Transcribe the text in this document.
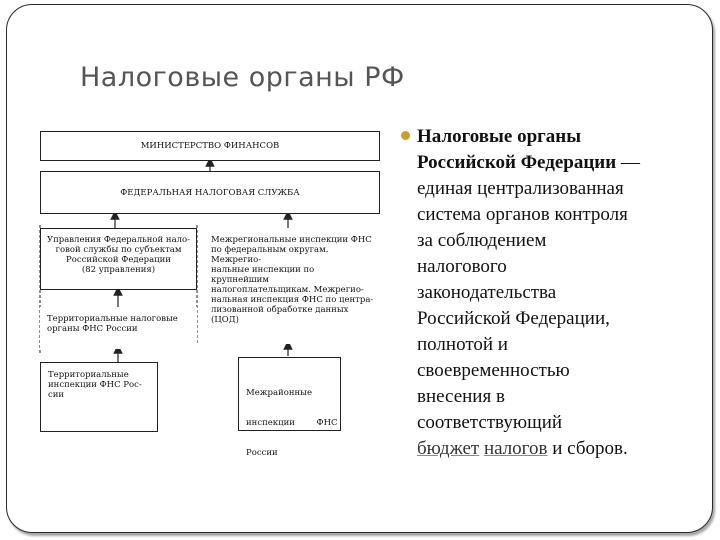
Налоговые органы РФ
МИНИСТЕРСТВО ФИНАНСОВ
ФЕДЕРАЛЬНАЯ НАЛОГОВАЯ СЛУЖБА
Управления Федеральной нало-
говой службы по субъектам
Российской Федерации
(82 управления)
Межрегиональные инспекции ФНС
по федеральным округам. Межрегио-
нальные инспекции по крупнейшим
налогоплательщикам. Межрегио-
нальная инспекция ФНС по центра-
лизованной обработке данных (ЦОД)
Территориальные налоговые
органы ФНС России
Территориальные
инспекции ФНС Рос-
сии

	Межрайонные

инспекции        ФНС

России

Налоговые органы
Российской Федерации —
единая централизованная
система органов контроля
за соблюдением
налогового
законодательства
Российской Федерации,
полнотой и
своевременностью
внесения в
соответствующий
бюджет налогов и сборов.
